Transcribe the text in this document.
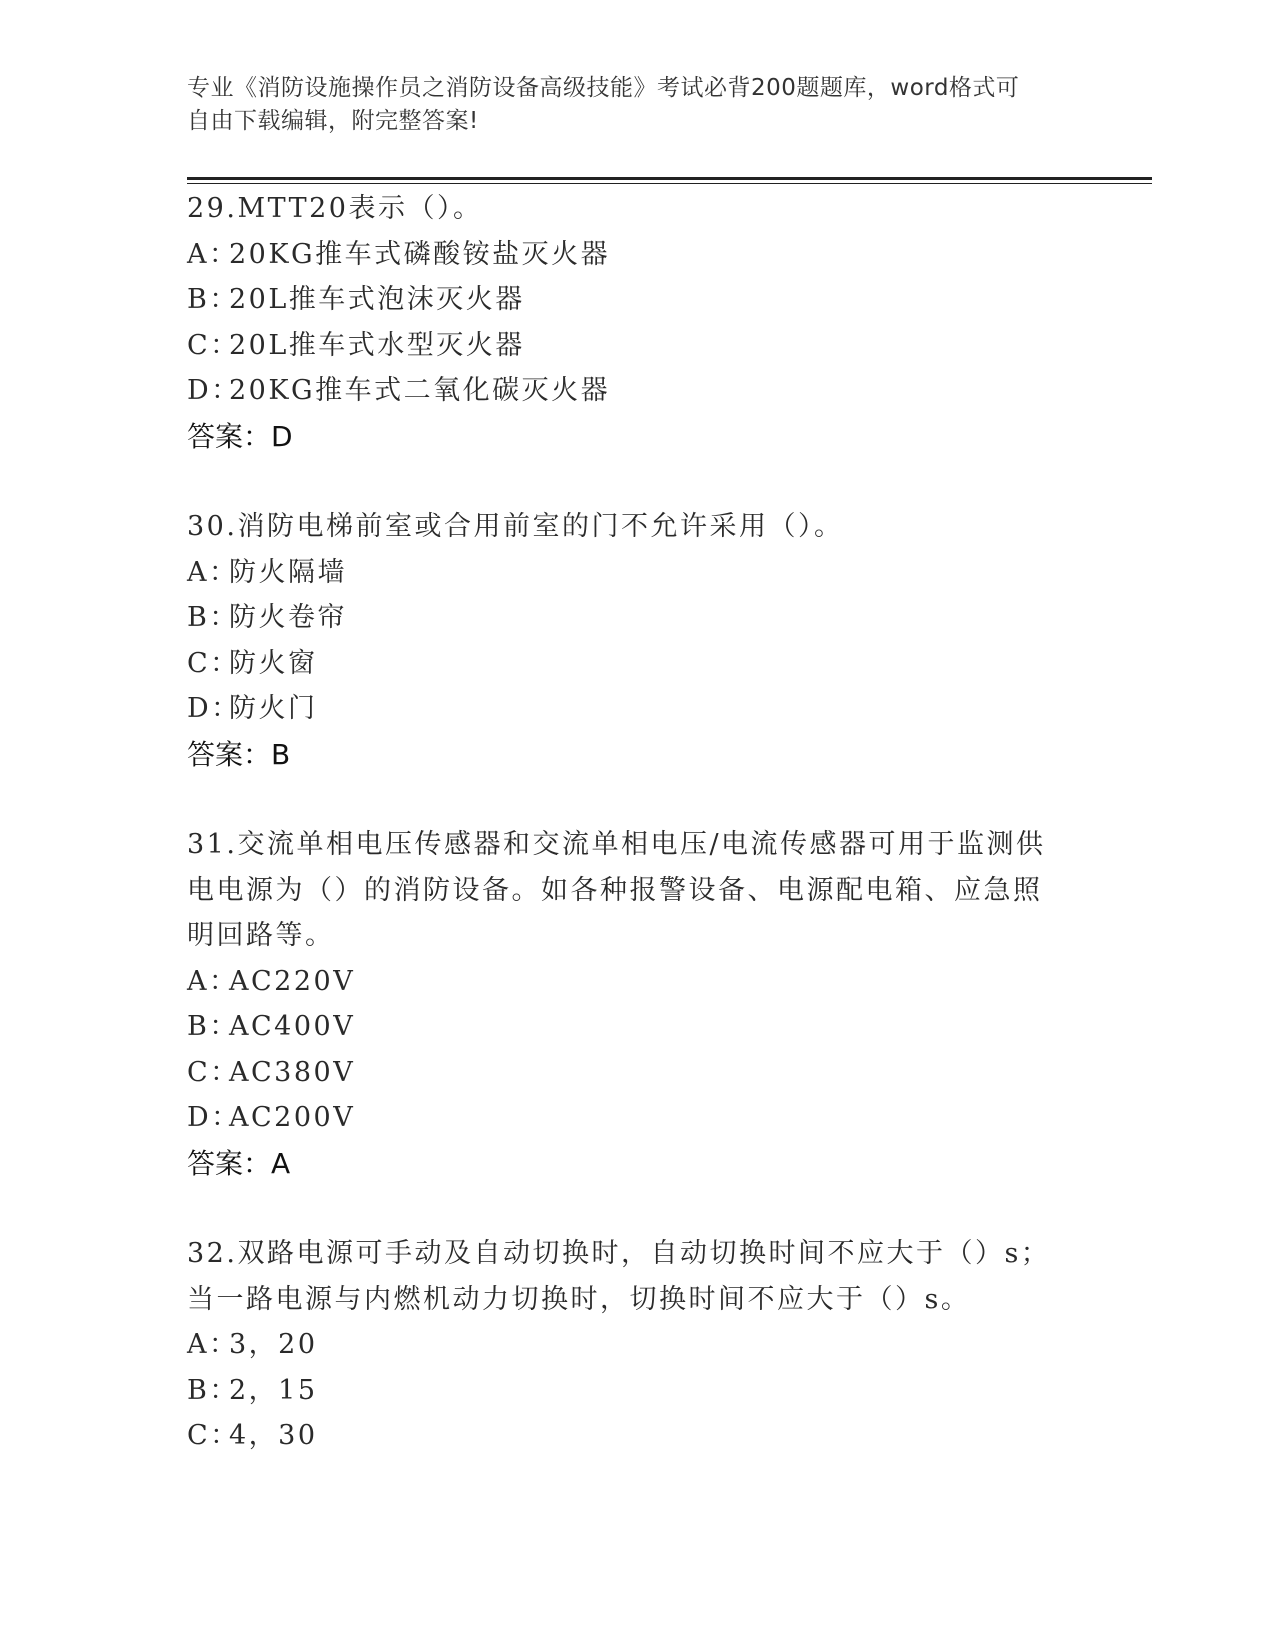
专业《消防设施操作员之消防设备高级技能》考试必背200题题库，word格式可
自由下载编辑，附完整答案!
29.MTT20表示（）。
A：
20KG推车式磷酸铵盐灭火器
B：
20L推车式泡沫灭火器
C：
20L推车式水型灭火器
D：
20KG推车式二氧化碳灭火器
答案：D
30.消防电梯前室或合用前室的门不允许采用（）。
A：
防火隔墙
B：
防火卷帘
C：
防火窗
D：
防火门
答案：B
31.交流单相电压传感器和交流单相电压/电流传感器可用于监测供电电源为（）的消防设备。如各种报警设备、电源配电箱、应急照明回路等。
A：
AC220V
B：
AC400V
C：
AC380V
D：
AC200V
答案：A
32.双路电源可手动及自动切换时，自动切换时间不应大于（）s；当一路电源与内燃机动力切换时，切换时间不应大于（）s。
A：
3，20
B：
2，15
C：
4，30
